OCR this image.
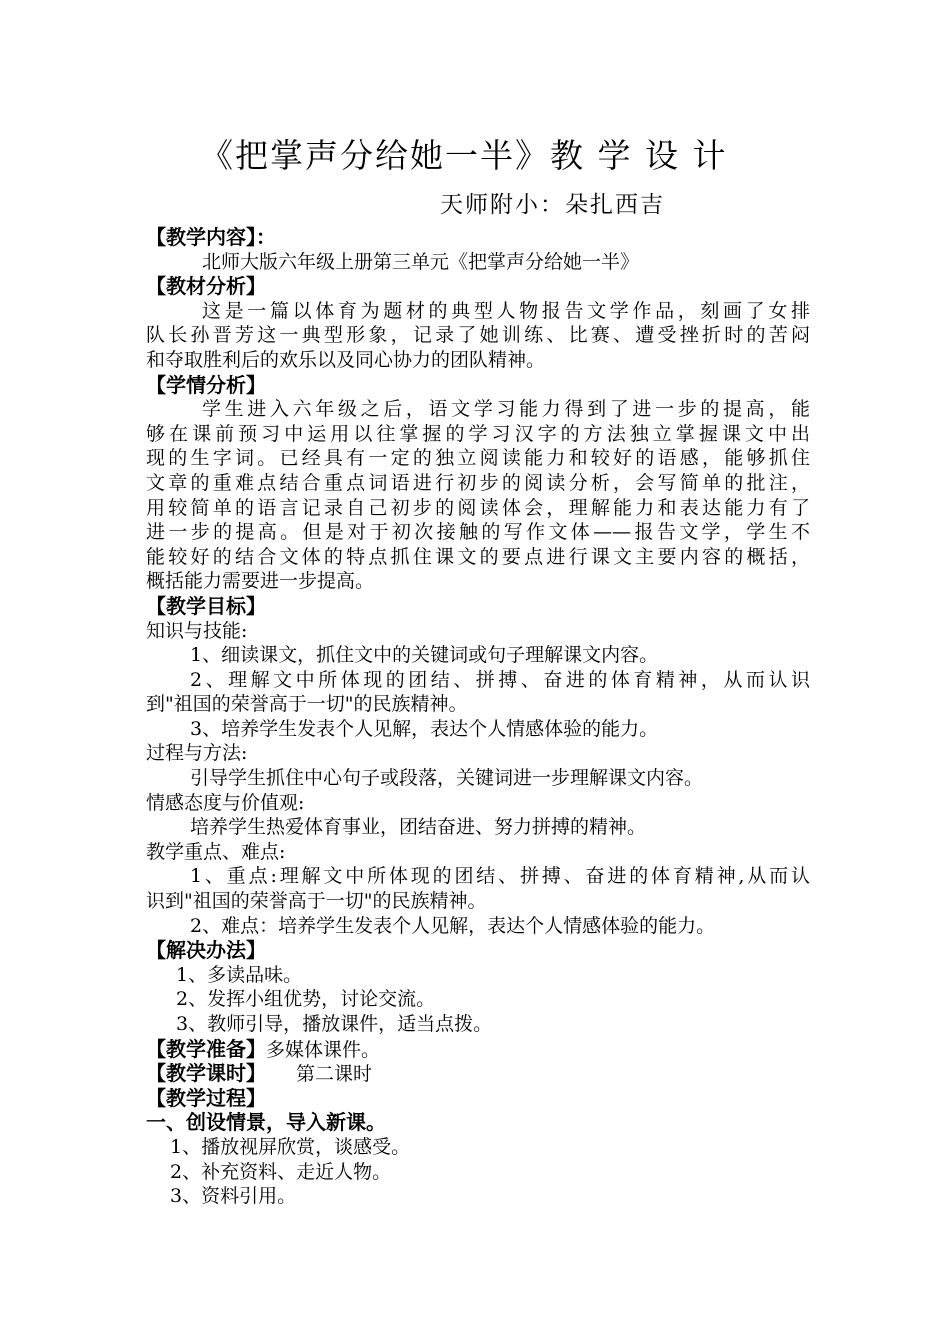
《把掌声分给她一半》教 学 设 计
天师附小：朵扎西吉
【教学内容】：
北师大版六年级上册第三单元《把掌声分给她一半》
【教材分析】
这是一篇以体育为题材的典型人物报告文学作品，刻画了女排
队长孙晋芳这一典型形象，记录了她训练、比赛、遭受挫折时的苦闷
和夺取胜利后的欢乐以及同心协力的团队精神。
【学情分析】
学生进入六年级之后，语文学习能力得到了进一步的提高，能
够在课前预习中运用以往掌握的学习汉字的方法独立掌握课文中出
现的生字词。已经具有一定的独立阅读能力和较好的语感，能够抓住
文章的重难点结合重点词语进行初步的阅读分析，会写简单的批注，
用较简单的语言记录自己初步的阅读体会，理解能力和表达能力有了
进一步的提高。但是对于初次接触的写作文体——报告文学，学生不
能较好的结合文体的特点抓住课文的要点进行课文主要内容的概括，
概括能力需要进一步提高。
【教学目标】
知识与技能:
1、细读课文，抓住文中的关键词或句子理解课文内容。
2、理解文中所体现的团结、拼搏、奋进的体育精神，从而认识
到"祖国的荣誉高于一切"的民族精神。
3、培养学生发表个人见解，表达个人情感体验的能力。
过程与方法:
引导学生抓住中心句子或段落，关键词进一步理解课文内容。
情感态度与价值观:
培养学生热爱体育事业，团结奋进、努力拼搏的精神。
教学重点、难点:
1、重点:理解文中所体现的团结、拼搏、奋进的体育精神,从而认
识到"祖国的荣誉高于一切"的民族精神。
2、难点：培养学生发表个人见解，表达个人情感体验的能力。
【解决办法】
1、多读品味。
2、发挥小组优势，讨论交流。
3、教师引导，播放课件，适当点拨。
【教学准备】多媒体课件。
【教学课时】 第二课时
【教学过程】
一、创设情景，导入新课。
1、播放视屏欣赏，谈感受。
2、补充资料、走近人物。
3、资料引用。
